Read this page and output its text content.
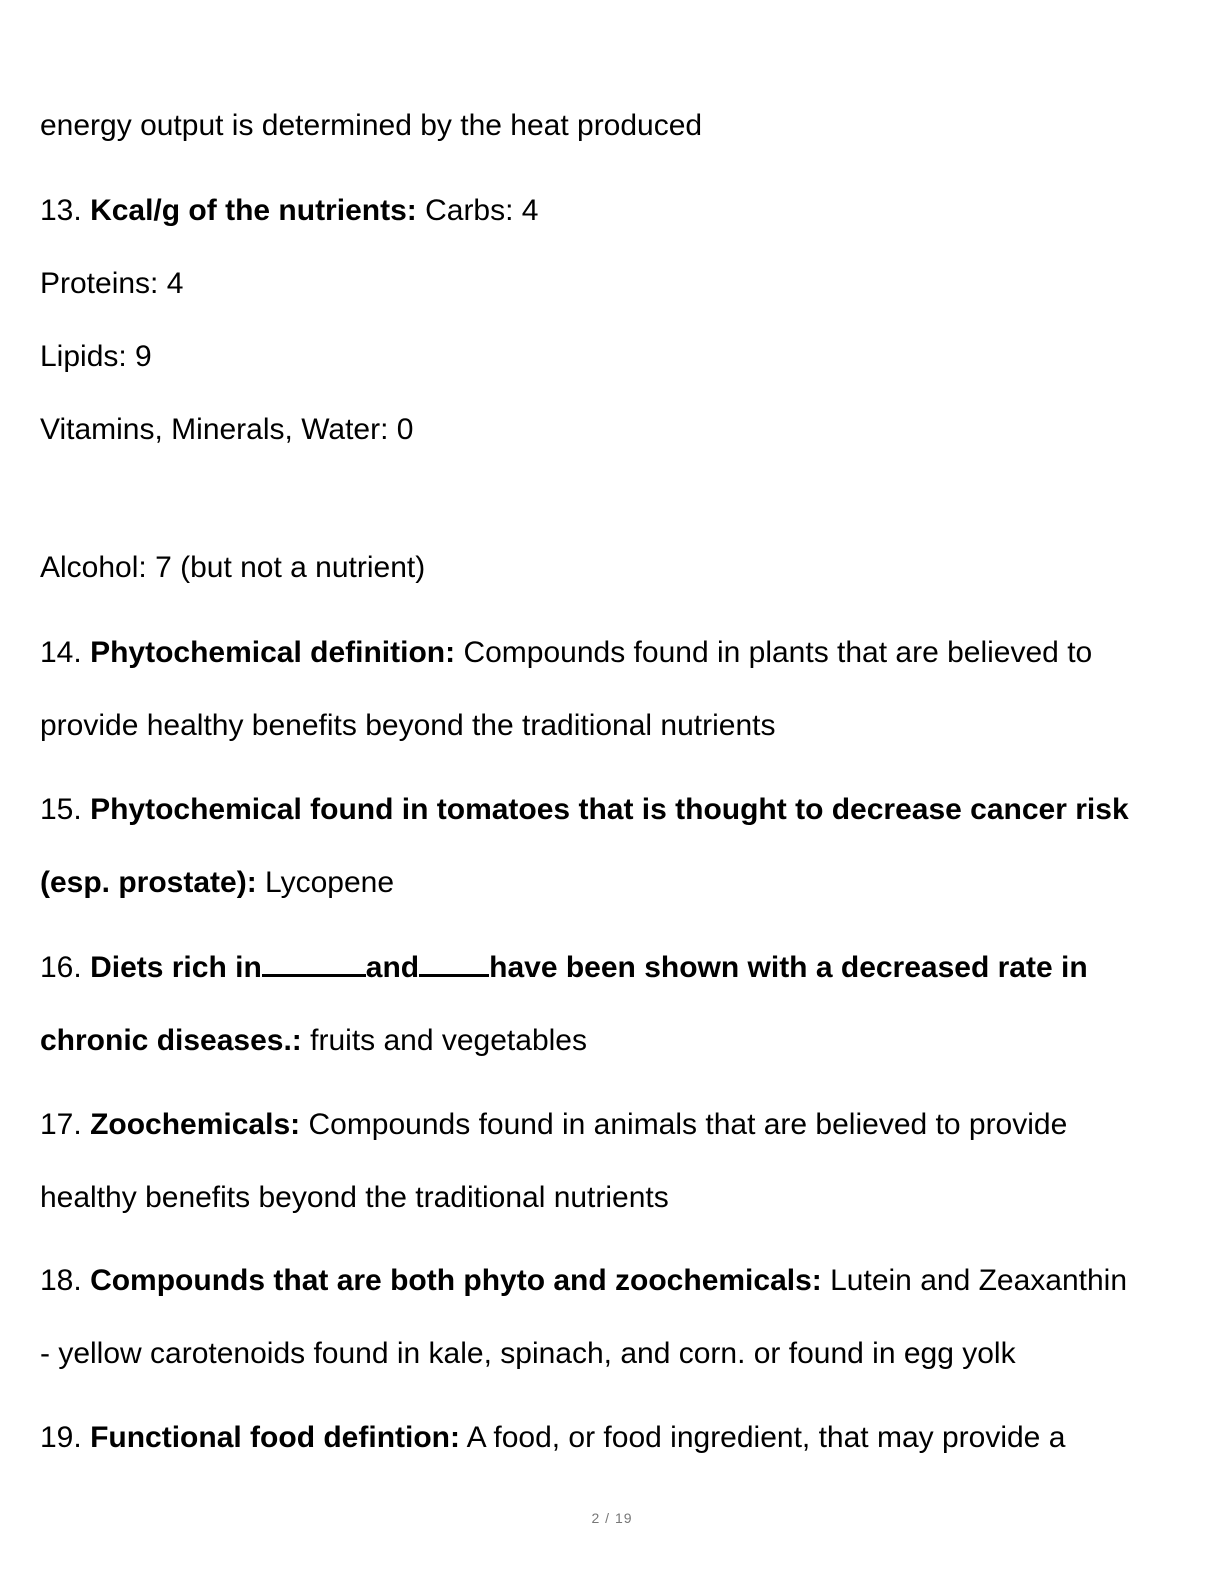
energy output is determined by the heat produced
13. Kcal/g of the nutrients: Carbs: 4
Proteins: 4
Lipids: 9
Vitamins, Minerals, Water: 0
Alcohol: 7 (but not a nutrient)
14. Phytochemical definition: Compounds found in plants that are believed to
provide healthy benefits beyond the traditional nutrients
15. Phytochemical found in tomatoes that is thought to decrease cancer risk
(esp. prostate): Lycopene
16. Diets rich in	and have been shown with a decreased rate in
chronic diseases.: fruits and vegetables
17. Zoochemicals: Compounds found in animals that are believed to provide
healthy benefits beyond the traditional nutrients
18. Compounds that are both phyto and zoochemicals: Lutein and Zeaxanthin
- yellow carotenoids found in kale, spinach, and corn. or found in egg yolk
19. Functional food defintion: A food, or food ingredient, that may provide a
2 / 19
